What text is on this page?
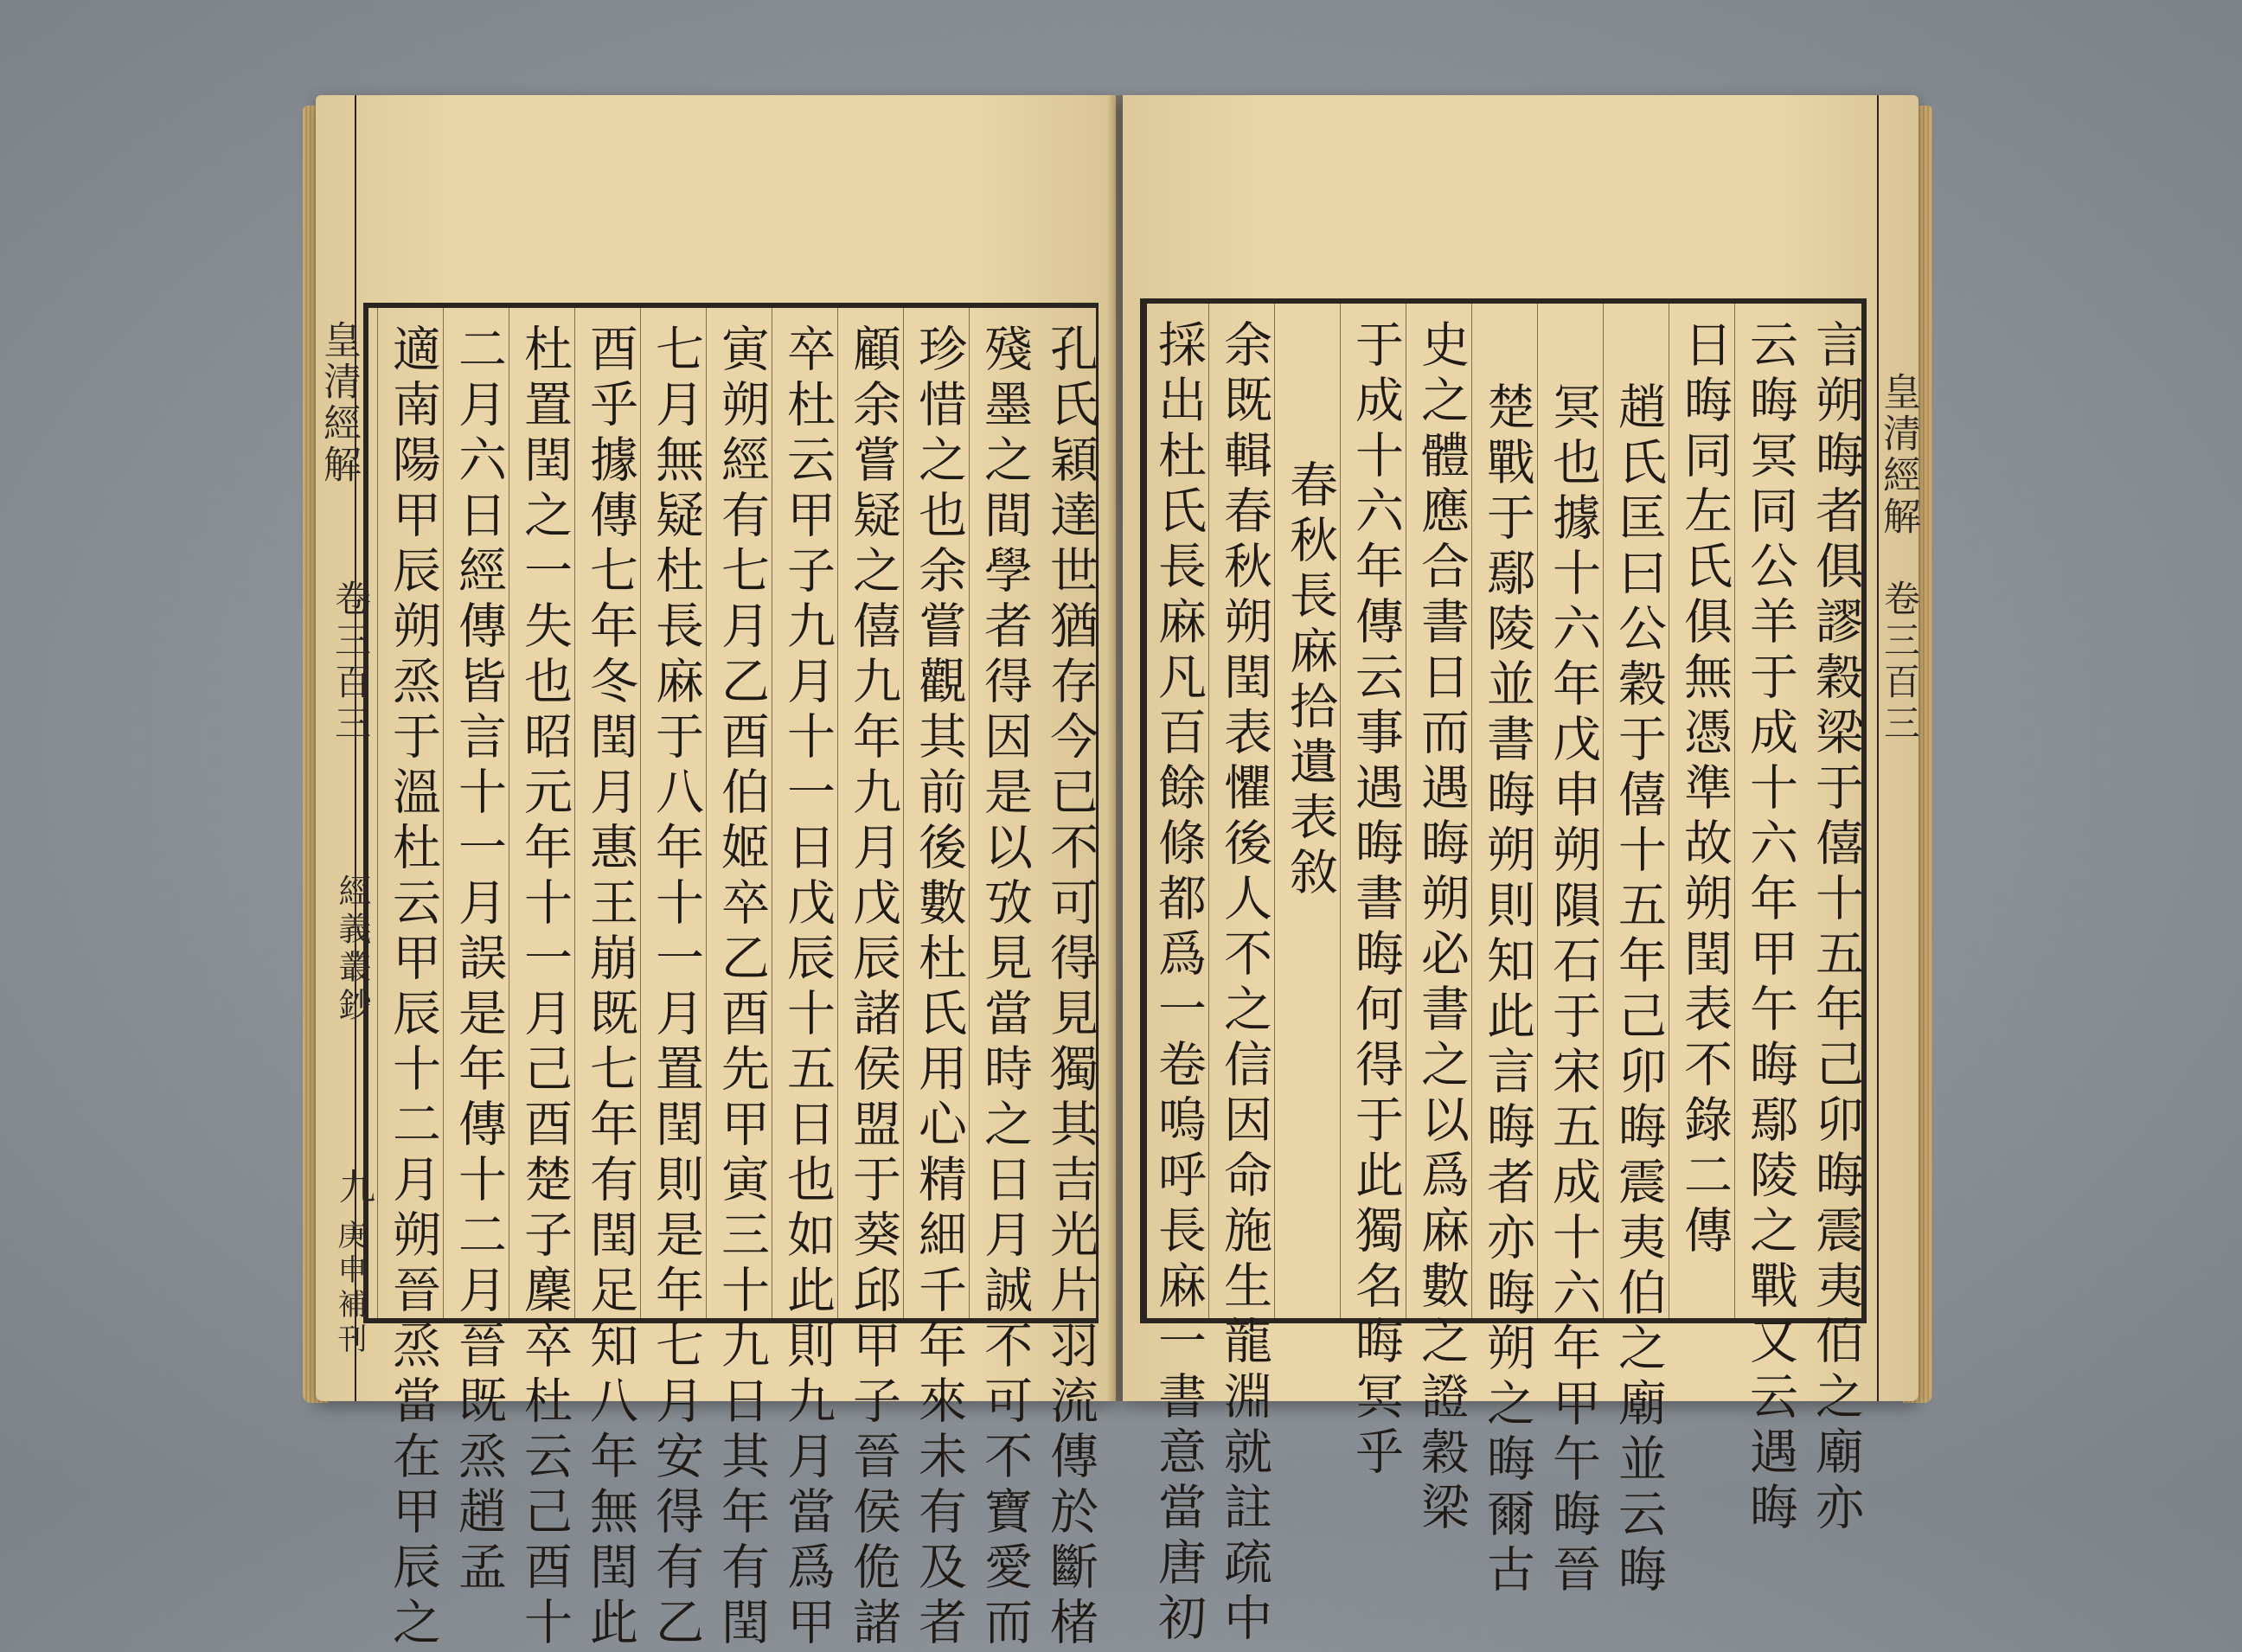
皇清經解
卷三百三
經義叢鈔
九
庚申補刊	孔氏穎達世猶存今已不可得見獨其吉光片羽流傳於斷楮
殘墨之間學者得因是以攷見當時之日月誠不可不寶愛而
珍惜之也余嘗觀其前後數杜氏用心精細千年來未有及者
顧余嘗疑之僖九年九月戊辰諸侯盟于葵邱甲子晉侯佹諸
卒杜云甲子九月十一日戊辰十五日也如此則九月當爲甲
寅朔經有七月乙酉伯姬卒乙酉先甲寅三十九日其年有閏
七月無疑杜長麻于八年十一月置閏則是年七月安得有乙
酉乎據傳七年冬閏月惠王崩既七年有閏足知八年無閏此
杜置閏之一失也昭元年十一月己酉楚子麇卒杜云己酉十
二月六日經傳皆言十一月誤是年傳十二月晉既烝趙孟
適南陽甲辰朔烝于溫杜云甲辰十二月朔晉烝當在甲辰之	言朔晦者俱謬穀梁于僖十五年己卯晦震夷伯之廟亦
云晦冥同公羊于成十六年甲午晦鄢陵之戰又云遇晦
日晦同左氏俱無憑準故朔閏表不錄二傳
趙氏匡曰公穀于僖十五年己卯晦震夷伯之廟並云晦
冥也據十六年戊申朔隕石于宋五成十六年甲午晦晉
楚戰于鄢陵並書晦朔則知此言晦者亦晦朔之晦爾古
史之體應合書日而遇晦朔必書之以爲麻數之證穀梁
于成十六年傳云事遇晦書晦何得于此獨名晦冥乎
春秋長麻拾遺表敘
余既輯春秋朔閏表懼後人不之信因命施生龍淵就註疏中
採出杜氏長麻凡百餘條都爲一卷嗚呼長麻一書意當唐初	皇清經解
卷三百三
